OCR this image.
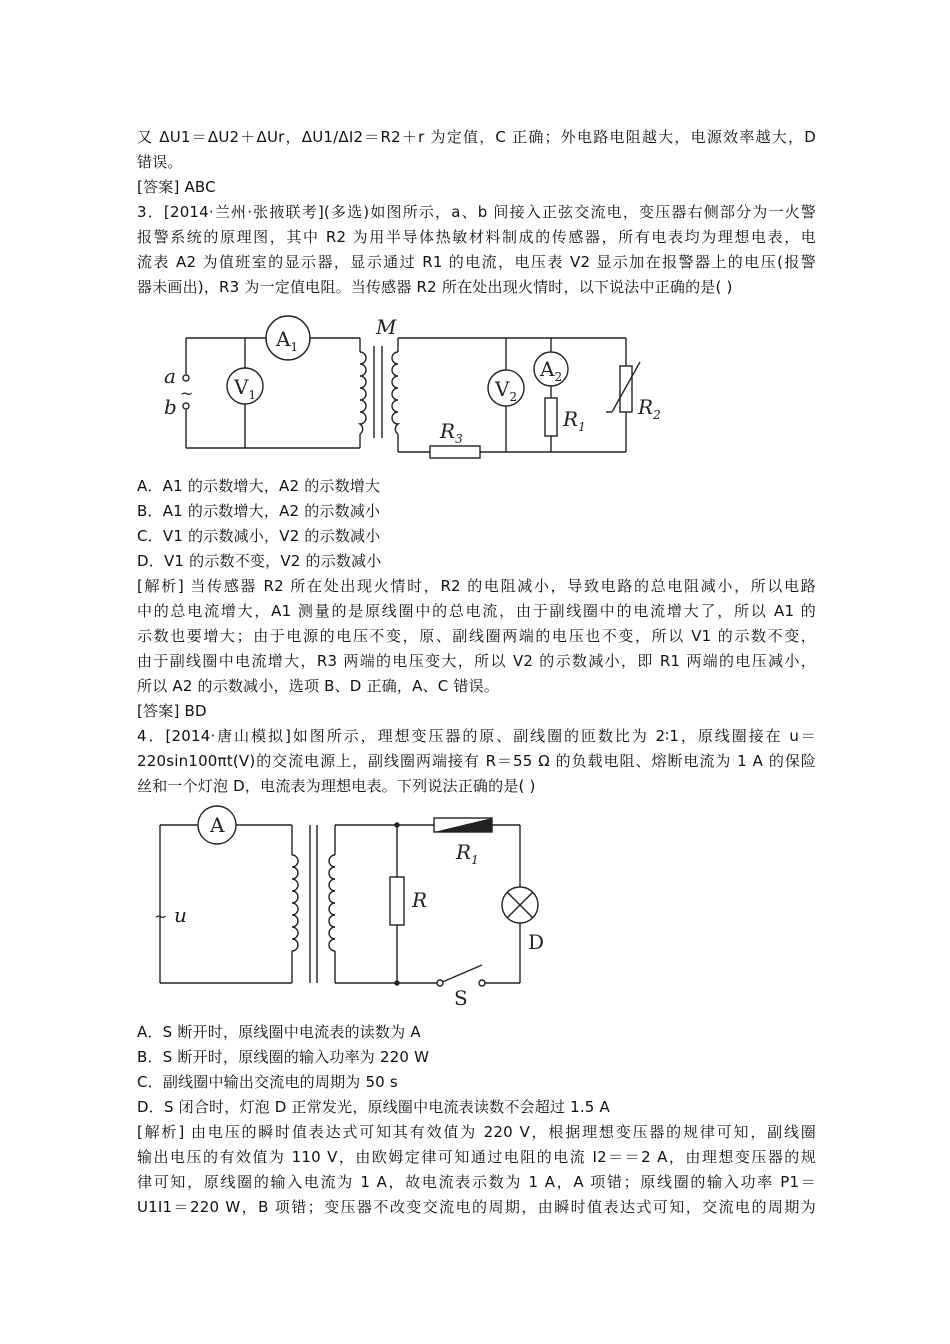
又 ΔU1＝ΔU2＋ΔUr，ΔU1/ΔI2＝R2＋r 为定值，C 正确；外电路电阻越大，电源效率越大，D
错误。
[答案] ABC
3．[2014·兰州·张掖联考](多选)如图所示，a、b 间接入正弦交流电，变压器右侧部分为一火警
报警系统的原理图，其中 R2 为用半导体热敏材料制成的传感器，所有电表均为理想电表，电
流表 A2 为值班室的显示器，显示通过 R1 的电流，电压表 V2 显示加在报警器上的电压(报警
器未画出)，R3 为一定值电阻。当传感器 R2 所在处出现火情时，以下说法中正确的是( )
M
a
b
~
$A_1$
$V_1$	$V_2$
$A_2$
$R_1$
$R_2$
$R_3$
A．A1 的示数增大，A2 的示数增大
B．A1 的示数增大，A2 的示数减小
C．V1 的示数减小，V2 的示数减小
D．V1 的示数不变，V2 的示数减小
[解析] 当传感器 R2 所在处出现火情时，R2 的电阻减小，导致电路的总电阻减小，所以电路
中的总电流增大，A1 测量的是原线圈中的总电流，由于副线圈中的电流增大了，所以 A1 的
示数也要增大；由于电源的电压不变，原、副线圈两端的电压也不变，所以 V1 的示数不变，
由于副线圈中电流增大，R3 两端的电压变大，所以 V2 的示数减小，即 R1 两端的电压减小，
所以 A2 的示数减小，选项 B、D 正确，A、C 错误。
[答案] BD
4．[2014·唐山模拟]如图所示，理想变压器的原、副线圈的匝数比为 2∶1，原线圈接在 u＝
220sin100πt(V)的交流电源上，副线圈两端接有 R＝55 Ω 的负载电阻、熔断电流为 1 A 的保险
丝和一个灯泡 D，电流表为理想电表。下列说法正确的是( )
A
~ u
R
$R_1$
D
S
A．S 断开时，原线圈中电流表的读数为 A
B．S 断开时，原线圈的输入功率为 220 W
C．副线圈中输出交流电的周期为 50 s
D．S 闭合时，灯泡 D 正常发光，原线圈中电流表读数不会超过 1.5 A
[解析] 由电压的瞬时值表达式可知其有效值为 220 V，根据理想变压器的规律可知，副线圈
输出电压的有效值为 110 V，由欧姆定律可知通过电阻的电流 I2＝＝2 A，由理想变压器的规
律可知，原线圈的输入电流为 1 A，故电流表示数为 1 A，A 项错；原线圈的输入功率 P1＝
U1I1＝220 W，B 项错；变压器不改变交流电的周期，由瞬时值表达式可知，交流电的周期为
